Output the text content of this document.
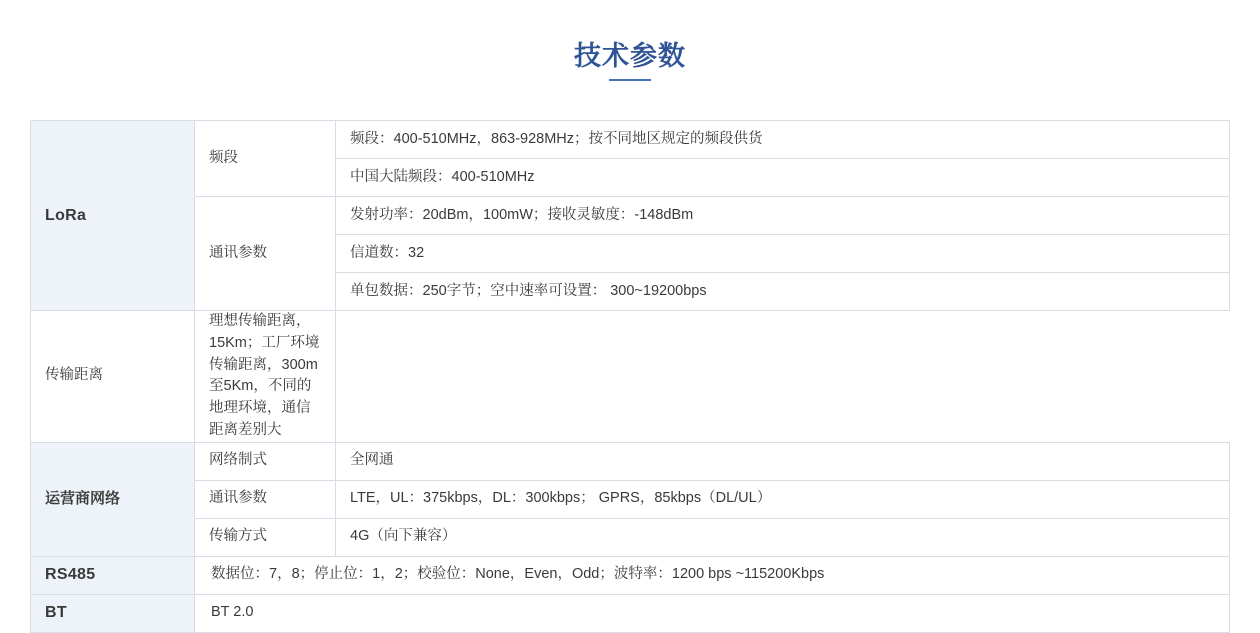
技术参数
LoRa	频段	频段：400-510MHz，863-928MHz；按不同地区规定的频段供货
		中国大陆频段：400-510MHz
	通讯参数	发射功率：20dBm，100mW；接收灵敏度：-148dBm
		信道数：32
		单包数据：250字节；空中速率可设置： 300~19200bps
传输距离	理想传输距离，15Km；工厂环境传输距离，300m至5Km，不同的地理环境，通信距离差别大	
运营商网络	网络制式	全网通
	通讯参数	LTE，UL：375kbps，DL：300kbps； GPRS，85kbps（DL/UL）
	传输方式	4G（向下兼容）
RS485	数据位：7，8；停止位：1，2；校验位：None，Even，Odd；波特率：1200 bps ~115200Kbps	
BT	BT 2.0	
